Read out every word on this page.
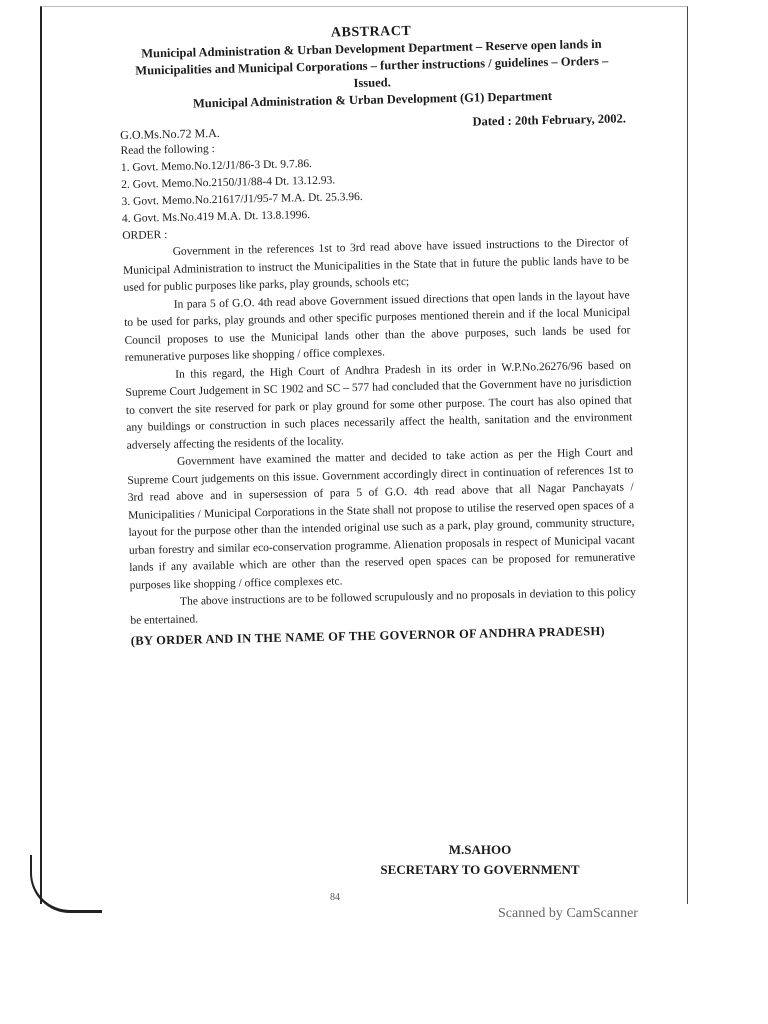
ABSTRACT
Municipal Administration & Urban Development Department – Reserve open lands in Municipalities and Municipal Corporations – further instructions / guidelines – Orders – Issued.
Municipal Administration & Urban Development (G1) Department
G.O.Ms.No.72 M.A.
Dated : 20th February, 2002.
Read the following :
1. Govt. Memo.No.12/J1/86-3 Dt. 9.7.86.
2. Govt. Memo.No.2150/J1/88-4 Dt. 13.12.93.
3. Govt. Memo.No.21617/J1/95-7 M.A. Dt. 25.3.96.
4. Govt. Ms.No.419 M.A. Dt. 13.8.1996.
ORDER :

Government in the references 1st to 3rd read above have issued instructions to the Director of Municipal Administration to instruct the Municipalities in the State that in future the public lands have to be used for public purposes like parks, play grounds, schools etc;

In para 5 of G.O. 4th read above Government issued directions that open lands in the layout have to be used for parks, play grounds and other specific purposes mentioned therein and if the local Municipal Council proposes to use the Municipal lands other than the above purposes, such lands be used for remunerative purposes like shopping / office complexes.

In this regard, the High Court of Andhra Pradesh in its order in W.P.No.26276/96 based on Supreme Court Judgement in SC 1902 and SC – 577 had concluded that the Government have no jurisdiction to convert the site reserved for park or play ground for some other purpose. The court has also opined that any buildings or construction in such places necessarily affect the health, sanitation and the environment adversely affecting the residents of the locality.

Government have examined the matter and decided to take action as per the High Court and Supreme Court judgements on this issue. Government accordingly direct in continuation of references 1st to 3rd read above and in supersession of para 5 of G.O. 4th read above that all Nagar Panchayats / Municipalities / Municipal Corporations in the State shall not propose to utilise the reserved open spaces of a layout for the purpose other than the intended original use such as a park, play ground, community structure, urban forestry and similar eco-conservation programme. Alienation proposals in respect of Municipal vacant lands if any available which are other than the reserved open spaces can be proposed for remunerative purposes like shopping / office complexes etc.

The above instructions are to be followed scrupulously and no proposals in deviation to this policy be entertained.

(BY ORDER AND IN THE NAME OF THE GOVERNOR OF ANDHRA PRADESH)
M.SAHOO
SECRETARY TO GOVERNMENT
84
Scanned by CamScanner
